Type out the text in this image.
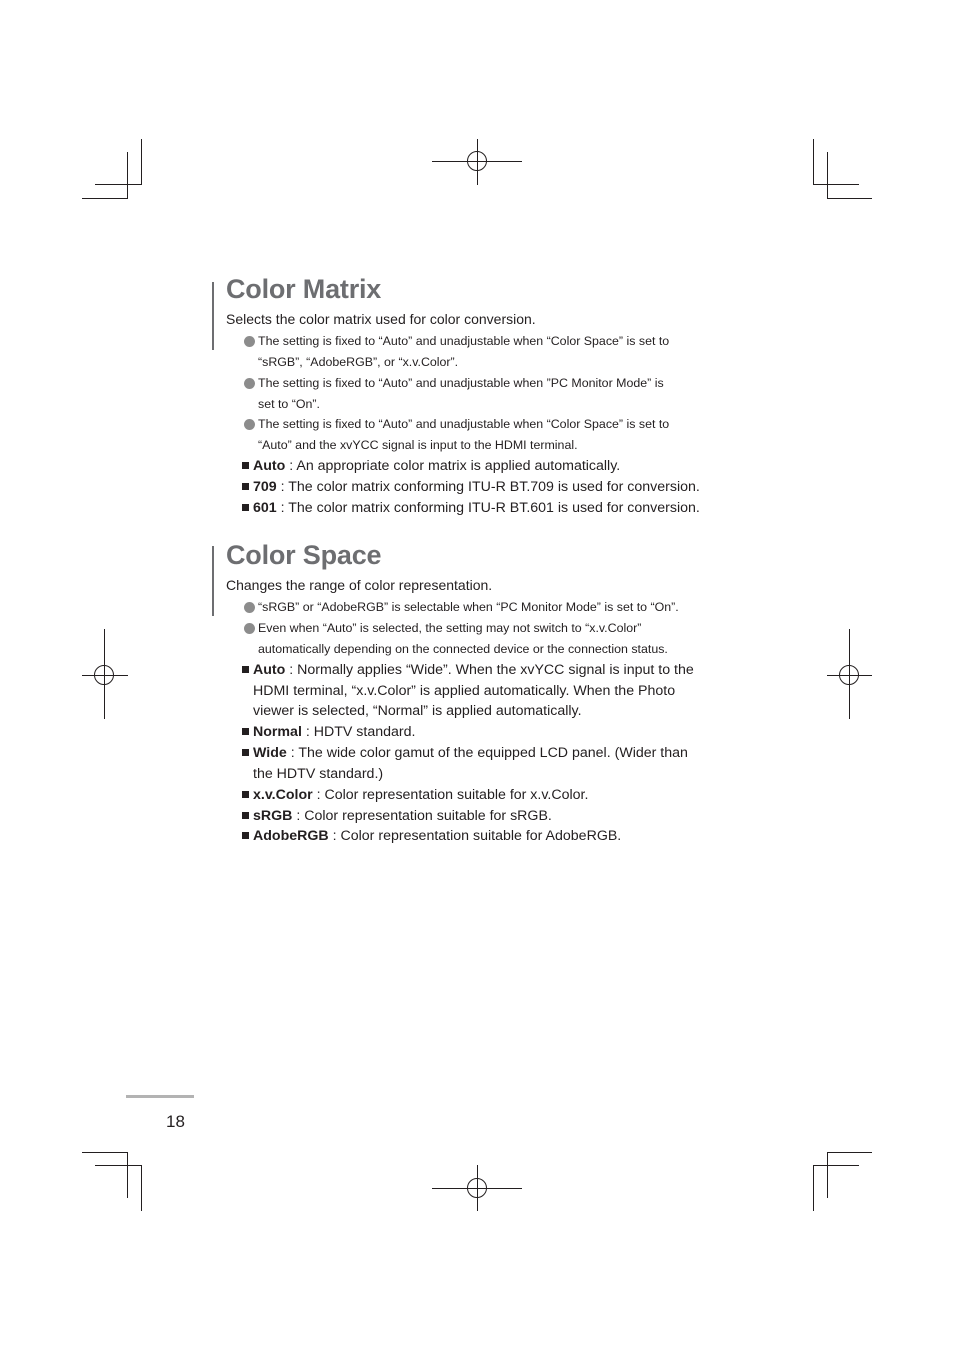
Color Matrix
Selects the color matrix used for color conversion.
The setting is fixed to “Auto” and unadjustable when “Color Space” is set to
“sRGB”, “AdobeRGB”, or “x.v.Color”.
The setting is fixed to “Auto” and unadjustable when ”PC Monitor Mode” is
set to “On”.
The setting is fixed to “Auto” and unadjustable when “Color Space” is set to
“Auto” and the xvYCC signal is input to the HDMI terminal.
Auto : An appropriate color matrix is applied automatically.
709 : The color matrix conforming ITU-R BT.709 is used for conversion.
601 : The color matrix conforming ITU-R BT.601 is used for conversion.
Color Space
Changes the range of color representation.
“sRGB” or “AdobeRGB” is selectable when “PC Monitor Mode” is set to “On”.
Even when “Auto” is selected, the setting may not switch to “x.v.Color”
automatically depending on the connected device or the connection status.
Auto : Normally applies “Wide”. When the xvYCC signal is input to the
HDMI terminal, “x.v.Color” is applied automatically. When the Photo
viewer is selected, “Normal” is applied automatically.
Normal : HDTV standard.
Wide : The wide color gamut of the equipped LCD panel. (Wider than
the HDTV standard.)
x.v.Color : Color representation suitable for x.v.Color.
sRGB : Color representation suitable for sRGB.
AdobeRGB : Color representation suitable for AdobeRGB.
18
